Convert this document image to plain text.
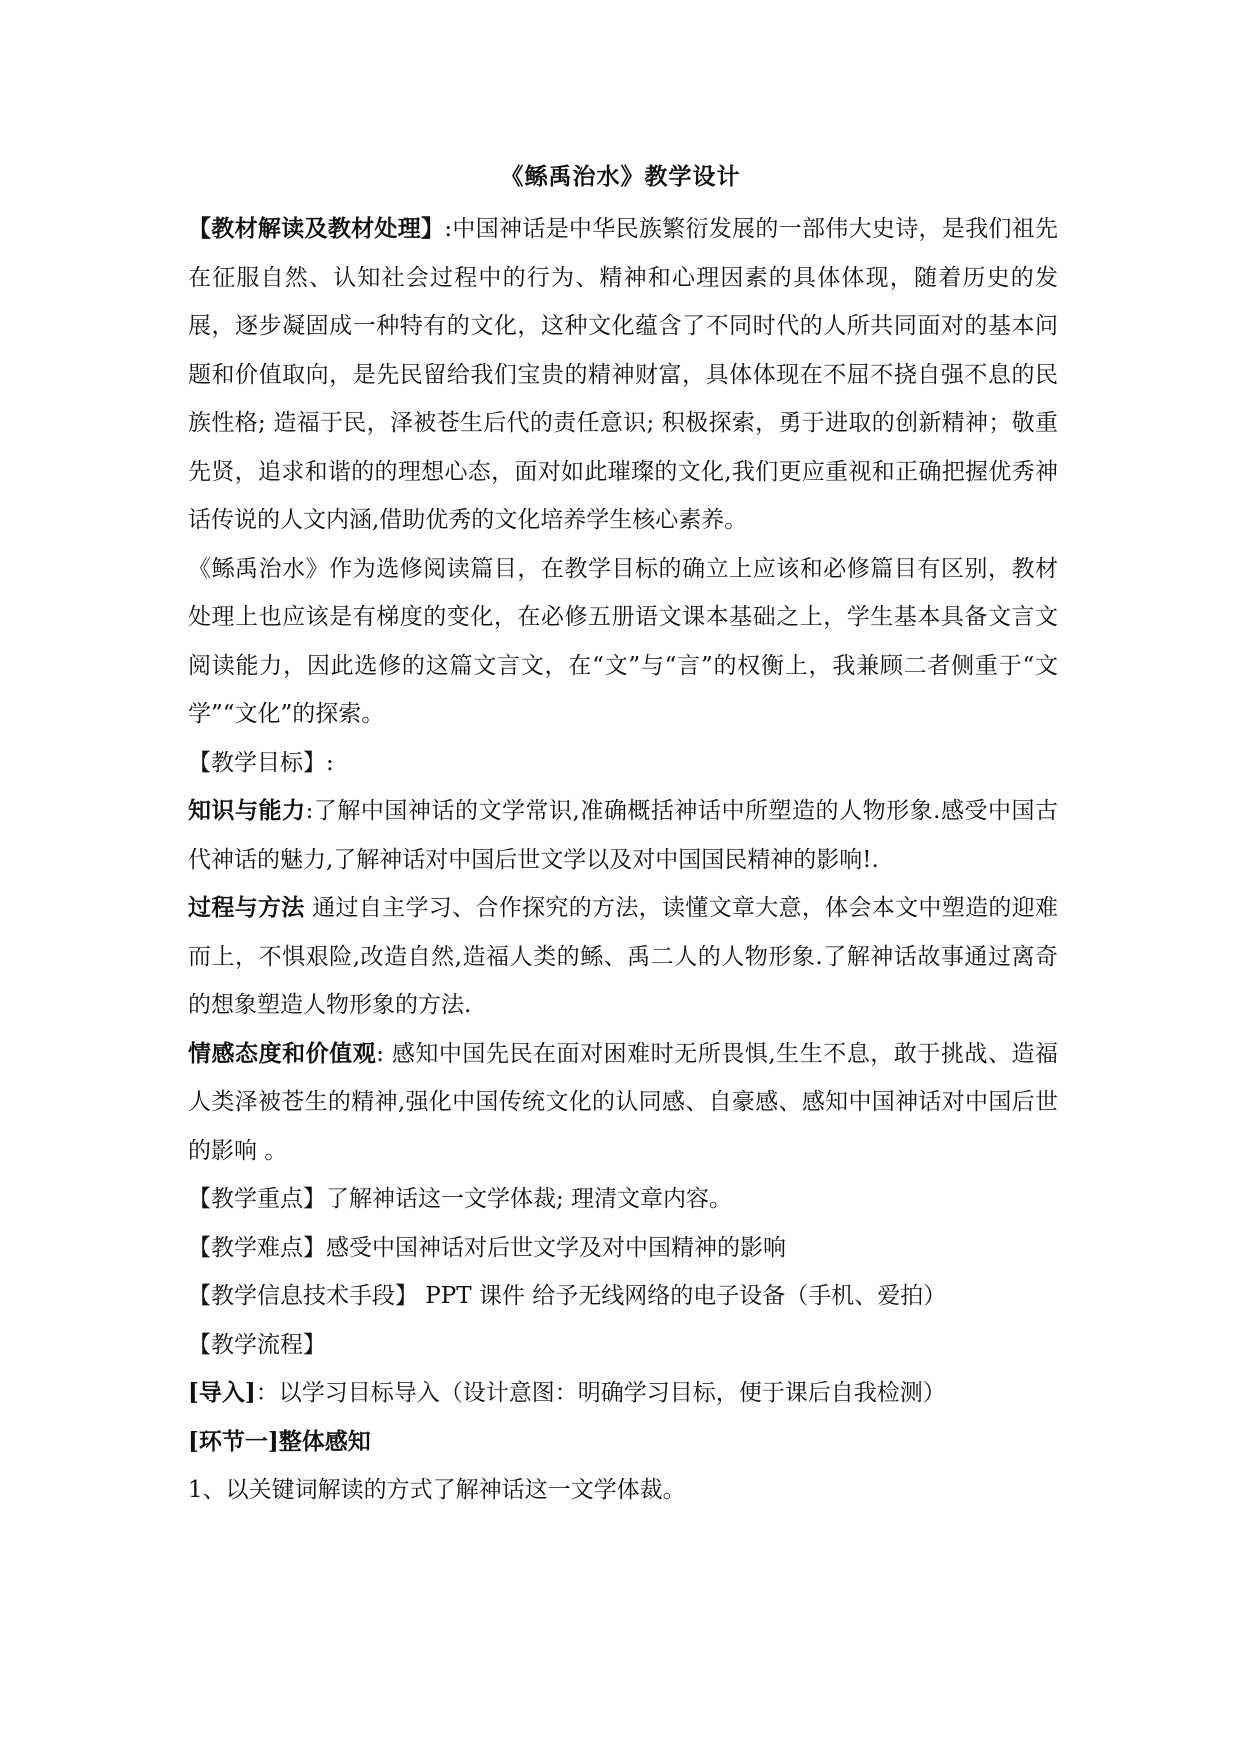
《鲧禹治水》教学设计

【教材解读及教材处理】:中国神话是中华民族繁衍发展的一部伟大史诗，是我们祖先在征服自然、认知社会过程中的行为、精神和心理因素的具体体现，随着历史的发展，逐步凝固成一种特有的文化，这种文化蕴含了不同时代的人所共同面对的基本问题和价值取向，是先民留给我们宝贵的精神财富，具体体现在不屈不挠自强不息的民族性格; 造福于民，泽被苍生后代的责任意识; 积极探索，勇于进取的创新精神；敬重先贤，追求和谐的的理想心态，面对如此璀璨的文化,我们更应重视和正确把握优秀神话传说的人文内涵,借助优秀的文化培养学生核心素养。

《鲧禹治水》作为选修阅读篇目，在教学目标的确立上应该和必修篇目有区别，教材处理上也应该是有梯度的变化，在必修五册语文课本基础之上，学生基本具备文言文阅读能力，因此选修的这篇文言文，在“文”与“言”的权衡上，我兼顾二者侧重于“文学”“文化”的探索。

【教学目标】:

知识与能力:了解中国神话的文学常识,准确概括神话中所塑造的人物形象.感受中国古代神话的魅力,了解神话对中国后世文学以及对中国国民精神的影响!.

过程与方法 通过自主学习、合作探究的方法，读懂文章大意，体会本文中塑造的迎难而上，不惧艰险,改造自然,造福人类的鲧、禹二人的人物形象.了解神话故事通过离奇的想象塑造人物形象的方法.

情感态度和价值观: 感知中国先民在面对困难时无所畏惧,生生不息，敢于挑战、造福人类泽被苍生的精神,强化中国传统文化的认同感、自豪感、感知中国神话对中国后世的影响 。

【教学重点】了解神话这一文学体裁; 理清文章内容。

【教学难点】感受中国神话对后世文学及对中国精神的影响

【教学信息技术手段】 PPT 课件 给予无线网络的电子设备（手机、爱拍）

【教学流程】

[导入]：以学习目标导入（设计意图：明确学习目标，便于课后自我检测）

[环节一]整体感知

1、以关键词解读的方式了解神话这一文学体裁。
